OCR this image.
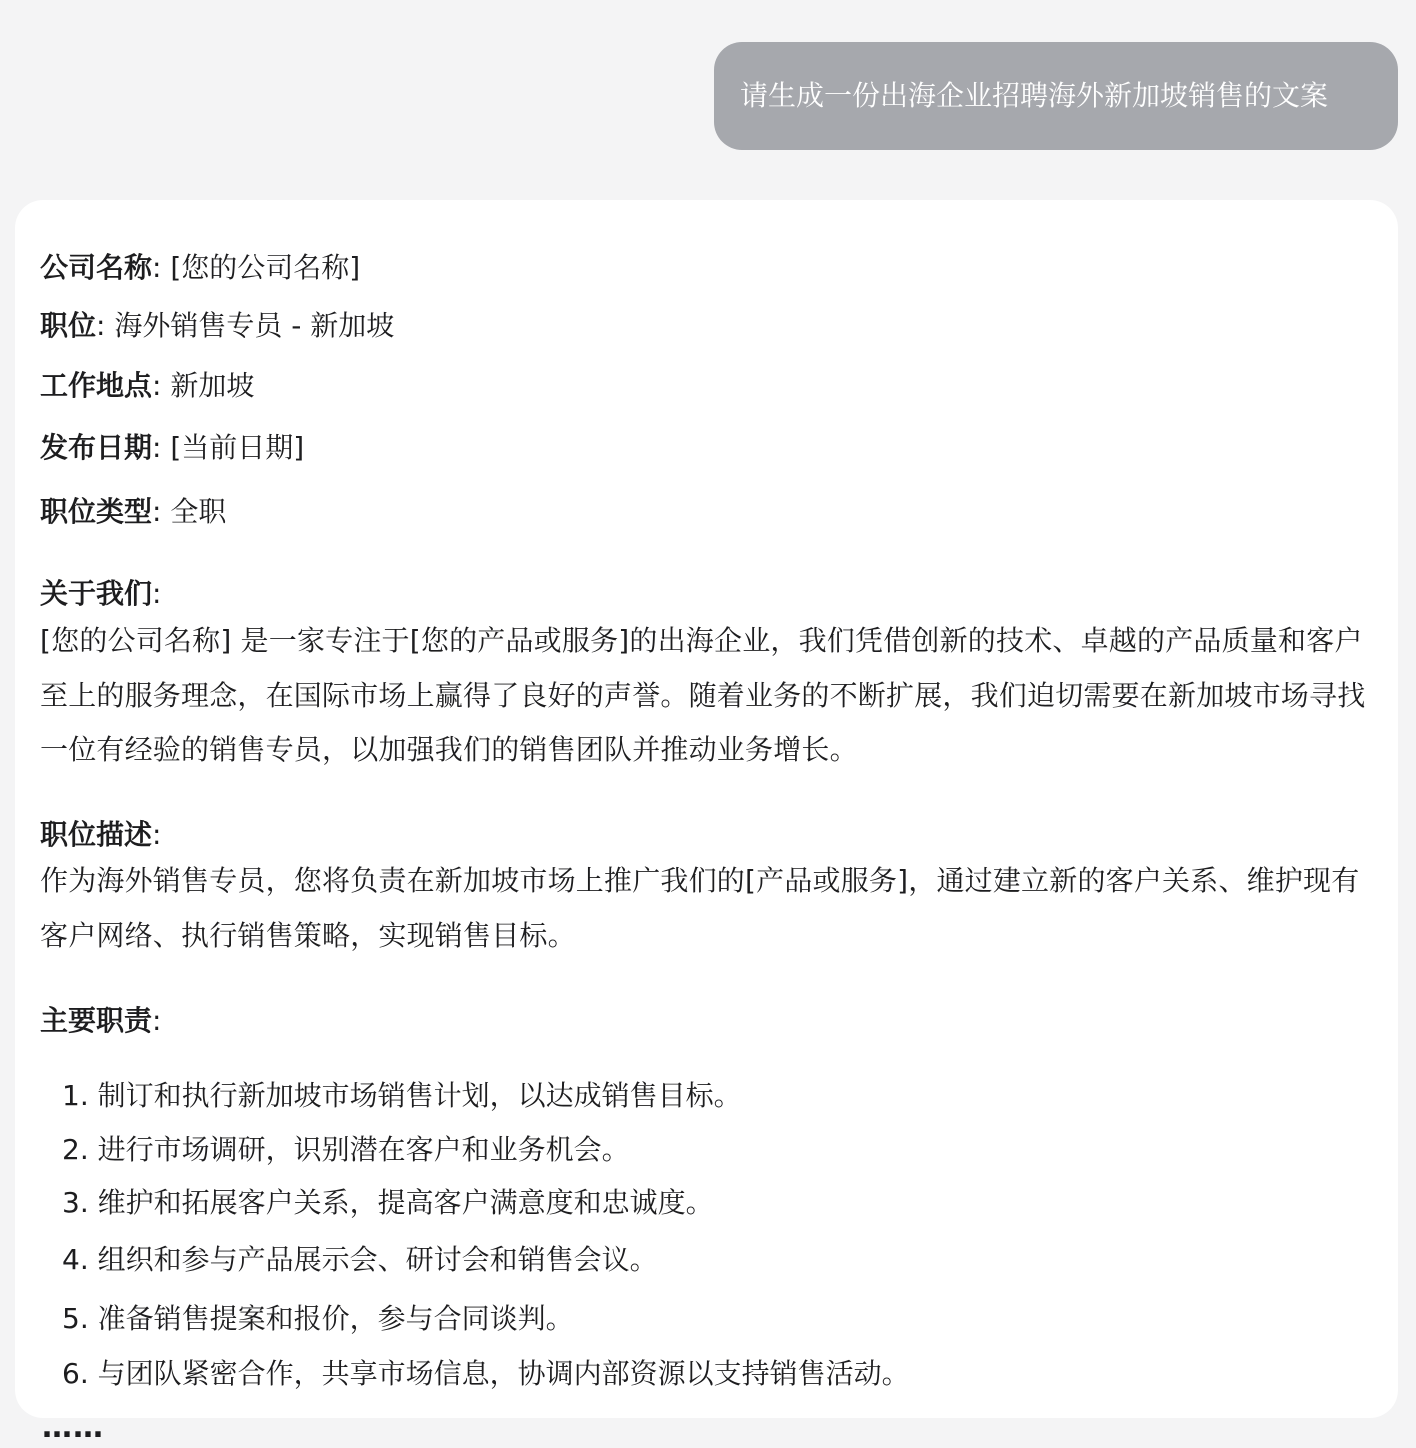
请生成一份出海企业招聘海外新加坡销售的文案

公司名称: [您的公司名称]

职位: 海外销售专员 - 新加坡

工作地点: 新加坡

发布日期: [当前日期]

职位类型: 全职

关于我们:

[您的公司名称] 是一家专注于[您的产品或服务]的出海企业，我们凭借创新的技术、卓越的产品质量和客户至上的服务理念，在国际市场上赢得了良好的声誉。随着业务的不断扩展，我们迫切需要在新加坡市场寻找一位有经验的销售专员，以加强我们的销售团队并推动业务增长。

职位描述:

作为海外销售专员，您将负责在新加坡市场上推广我们的[产品或服务]，通过建立新的客户关系、维护现有客户网络、执行销售策略，实现销售目标。

主要职责:

1. 制订和执行新加坡市场销售计划，以达成销售目标。
2. 进行市场调研，识别潜在客户和业务机会。
3. 维护和拓展客户关系，提高客户满意度和忠诚度。
4. 组织和参与产品展示会、研讨会和销售会议。
5. 准备销售提案和报价，参与合同谈判。
6. 与团队紧密合作，共享市场信息，协调内部资源以支持销售活动。
……
